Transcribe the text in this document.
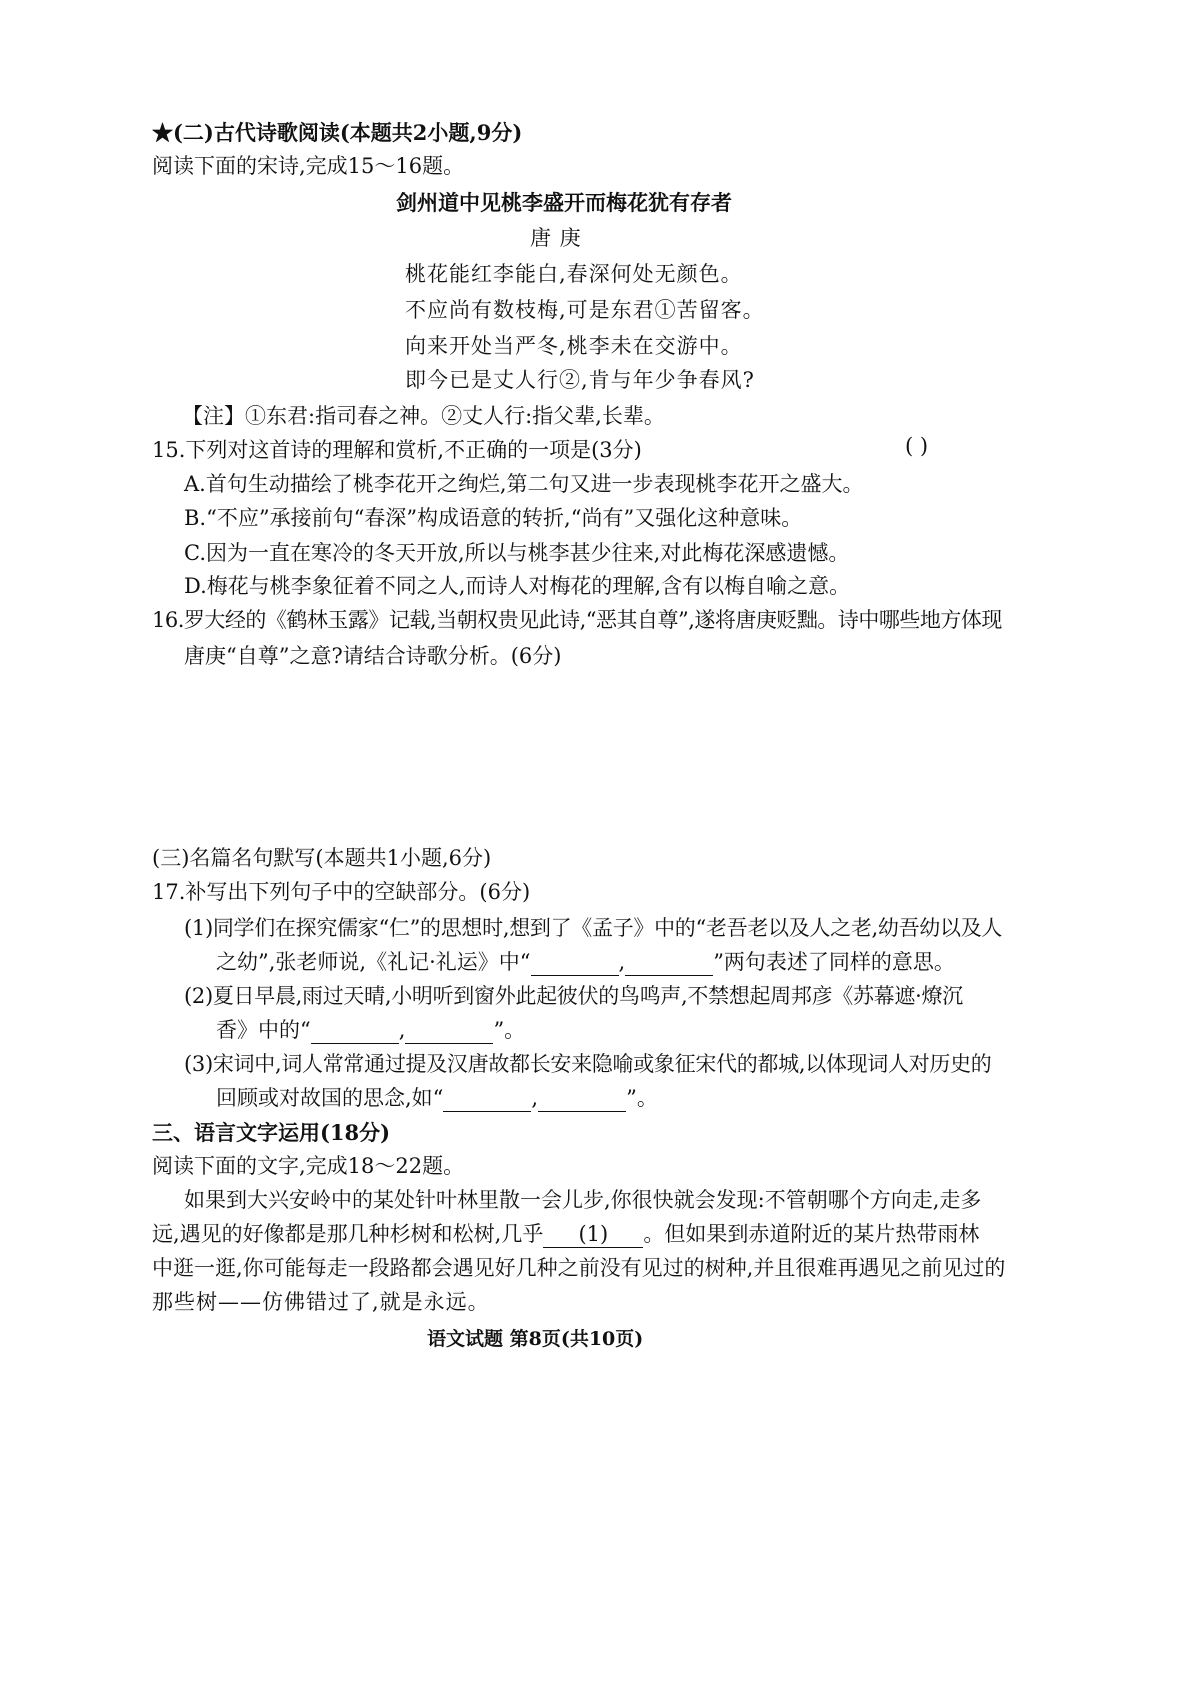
★(二)古代诗歌阅读(本题共2小题,9分)
阅读下面的宋诗,完成15～16题。
剑州道中见桃李盛开而梅花犹有存者
唐 庚
桃花能红李能白,春深何处无颜色。
不应尚有数枝梅,可是东君①苦留客。
向来开处当严冬,桃李未在交游中。
即今已是丈人行②,肯与年少争春风?
【注】①东君:指司春之神。②丈人行:指父辈,长辈。
15.下列对这首诗的理解和赏析,不正确的一项是(3分)	( )
A.首句生动描绘了桃李花开之绚烂,第二句又进一步表现桃李花开之盛大。
B.“不应”承接前句“春深”构成语意的转折,“尚有”又强化这种意味。
C.因为一直在寒冷的冬天开放,所以与桃李甚少往来,对此梅花深感遗憾。
D.梅花与桃李象征着不同之人,而诗人对梅花的理解,含有以梅自喻之意。
16.罗大经的《鹤林玉露》记载,当朝权贵见此诗,“恶其自尊”,遂将唐庚贬黜。诗中哪些地方体现
唐庚“自尊”之意?请结合诗歌分析。(6分)
(三)名篇名句默写(本题共1小题,6分)
17.补写出下列句子中的空缺部分。(6分)
(1)同学们在探究儒家“仁”的思想时,想到了《孟子》中的“老吾老以及人之老,幼吾幼以及人
之幼”,张老师说,《礼记·礼运》中“	,	”两句表述了同样的意思。
(2)夏日早晨,雨过天晴,小明听到窗外此起彼伏的鸟鸣声,不禁想起周邦彦《苏幕遮·燎沉
香》中的“	,	”。
(3)宋词中,词人常常通过提及汉唐故都长安来隐喻或象征宋代的都城,以体现词人对历史的
回顾或对故国的思念,如“	,	”。
三、语言文字运用(18分)
阅读下面的文字,完成18～22题。
如果到大兴安岭中的某处针叶林里散一会儿步,你很快就会发现:不管朝哪个方向走,走多
远,遇见的好像都是那几种杉树和松树,几乎 (1) 。但如果到赤道附近的某片热带雨林
中逛一逛,你可能每走一段路都会遇见好几种之前没有见过的树种,并且很难再遇见之前见过的
那些树——仿佛错过了,就是永远。
语文试题 第8页(共10页)
